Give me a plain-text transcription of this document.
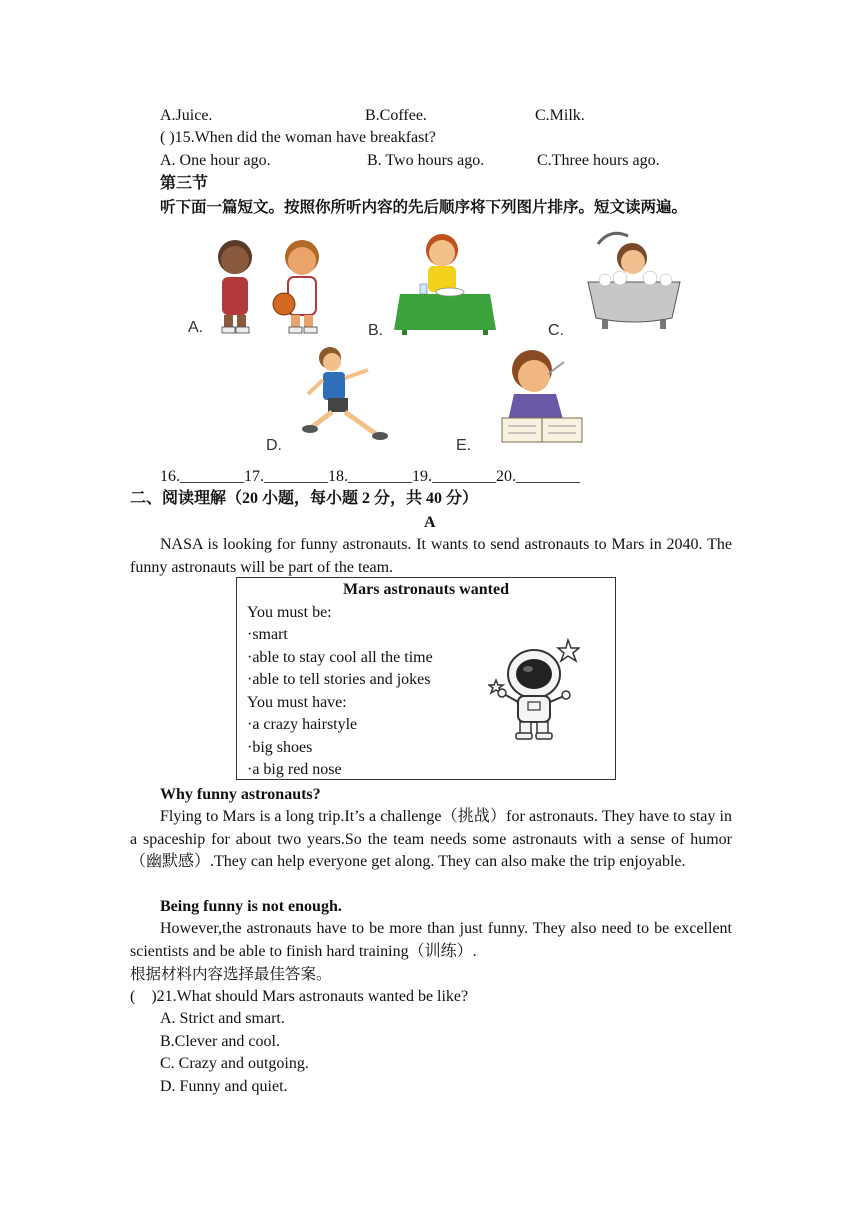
A.Juice.	B.Coffee.	C.Milk.
( )15.When did the woman have breakfast?
A. One hour ago.	B. Two hours ago.	C.Three hours ago.
第三节
听下面一篇短文。按照你所听内容的先后顺序将下列图片排序。短文读两遍。
A.	B.	C.
D.	E.
16.________17.________18.________19.________20.________
二、阅读理解（20 小题，每小题 2 分，共 40 分）
A

NASA is looking for funny astronauts. It wants to send astronauts to Mars in 2040. The funny astronauts will be part of the team.

Mars astronauts wanted
You must be:
·smart
·able to stay cool all the time
·able to tell stories and jokes
You must have:
·a crazy hairstyle
·big shoes
·a big red nose
Why funny astronauts?

Flying to Mars is a long trip.It’s a challenge（挑战）for astronauts. They have to stay in a spaceship for about two years.So the team needs some astronauts with a sense of humor（幽默感）.They can help everyone get along. They can also make the trip enjoyable.

Being funny is not enough.

However,the astronauts have to be more than just funny. They also need to be excellent scientists and be able to finish hard training（训练）.

根据材料内容选择最佳答案。
(    )21.What should Mars astronauts wanted be like?
A. Strict and smart.
B.Clever and cool.
C. Crazy and outgoing.
D. Funny and quiet.
